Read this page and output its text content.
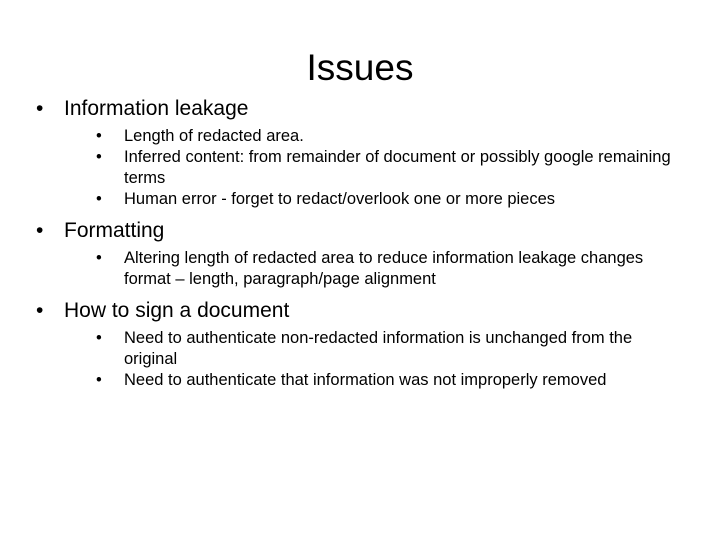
Issues
• Information leakage
• Length of redacted area.
• Inferred content: from remainder of document or possibly google remaining terms
• Human error - forget to redact/overlook one or more pieces
• Formatting
• Altering length of redacted area to reduce information leakage changes format – length, paragraph/page alignment
• How to sign a document
• Need to authenticate non-redacted information is unchanged from the original
• Need to authenticate that information was not improperly removed
